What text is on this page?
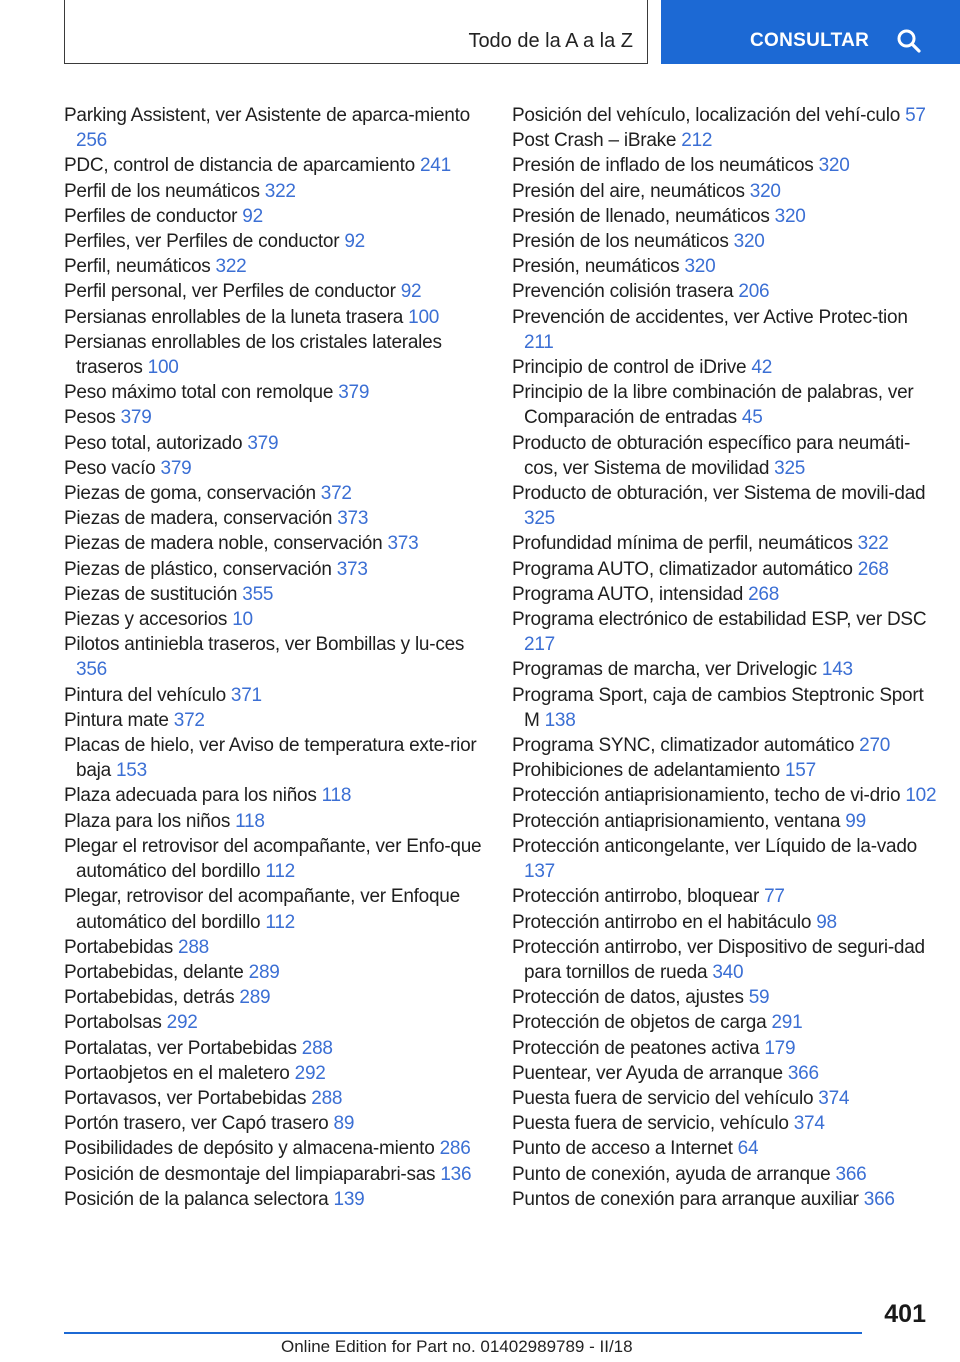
Todo de la A a la Z	CONSULTAR
Parking Assistent, ver Asistente de aparca-miento 256
PDC, control de distancia de aparcamiento 241
Perfil de los neumáticos 322
Perfiles de conductor 92
Perfiles, ver Perfiles de conductor 92
Perfil, neumáticos 322
Perfil personal, ver Perfiles de conductor 92
Persianas enrollables de la luneta trasera 100
Persianas enrollables de los cristales laterales traseros 100
Peso máximo total con remolque 379
Pesos 379
Peso total, autorizado 379
Peso vacío 379
Piezas de goma, conservación 372
Piezas de madera, conservación 373
Piezas de madera noble, conservación 373
Piezas de plástico, conservación 373
Piezas de sustitución 355
Piezas y accesorios 10
Pilotos antiniebla traseros, ver Bombillas y lu-ces 356
Pintura del vehículo 371
Pintura mate 372
Placas de hielo, ver Aviso de temperatura exte-rior baja 153
Plaza adecuada para los niños 118
Plaza para los niños 118
Plegar el retrovisor del acompañante, ver Enfo-que automático del bordillo 112
Plegar, retrovisor del acompañante, ver Enfoque automático del bordillo 112
Portabebidas 288
Portabebidas, delante 289
Portabebidas, detrás 289
Portabolsas 292
Portalatas, ver Portabebidas 288
Portaobjetos en el maletero 292
Portavasos, ver Portabebidas 288
Portón trasero, ver Capó trasero 89
Posibilidades de depósito y almacena-miento 286
Posición de desmontaje del limpiaparabri-sas 136
Posición de la palanca selectora 139
Posición del vehículo, localización del vehí-culo 57
Post Crash – iBrake 212
Presión de inflado de los neumáticos 320
Presión del aire, neumáticos 320
Presión de llenado, neumáticos 320
Presión de los neumáticos 320
Presión, neumáticos 320
Prevención colisión trasera 206
Prevención de accidentes, ver Active Protec-tion 211
Principio de control de iDrive 42
Principio de la libre combinación de palabras, ver Comparación de entradas 45
Producto de obturación específico para neumáti-cos, ver Sistema de movilidad 325
Producto de obturación, ver Sistema de movili-dad 325
Profundidad mínima de perfil, neumáticos 322
Programa AUTO, climatizador automático 268
Programa AUTO, intensidad 268
Programa electrónico de estabilidad ESP, ver DSC 217
Programas de marcha, ver Drivelogic 143
Programa Sport, caja de cambios Steptronic Sport M 138
Programa SYNC, climatizador automático 270
Prohibiciones de adelantamiento 157
Protección antiaprisionamiento, techo de vi-drio 102
Protección antiaprisionamiento, ventana 99
Protección anticongelante, ver Líquido de la-vado 137
Protección antirrobo, bloquear 77
Protección antirrobo en el habitáculo 98
Protección antirrobo, ver Dispositivo de seguri-dad para tornillos de rueda 340
Protección de datos, ajustes 59
Protección de objetos de carga 291
Protección de peatones activa 179
Puentear, ver Ayuda de arranque 366
Puesta fuera de servicio del vehículo 374
Puesta fuera de servicio, vehículo 374
Punto de acceso a Internet 64
Punto de conexión, ayuda de arranque 366
Puntos de conexión para arranque auxiliar 366
401
Online Edition for Part no. 01402989789 - II/18
